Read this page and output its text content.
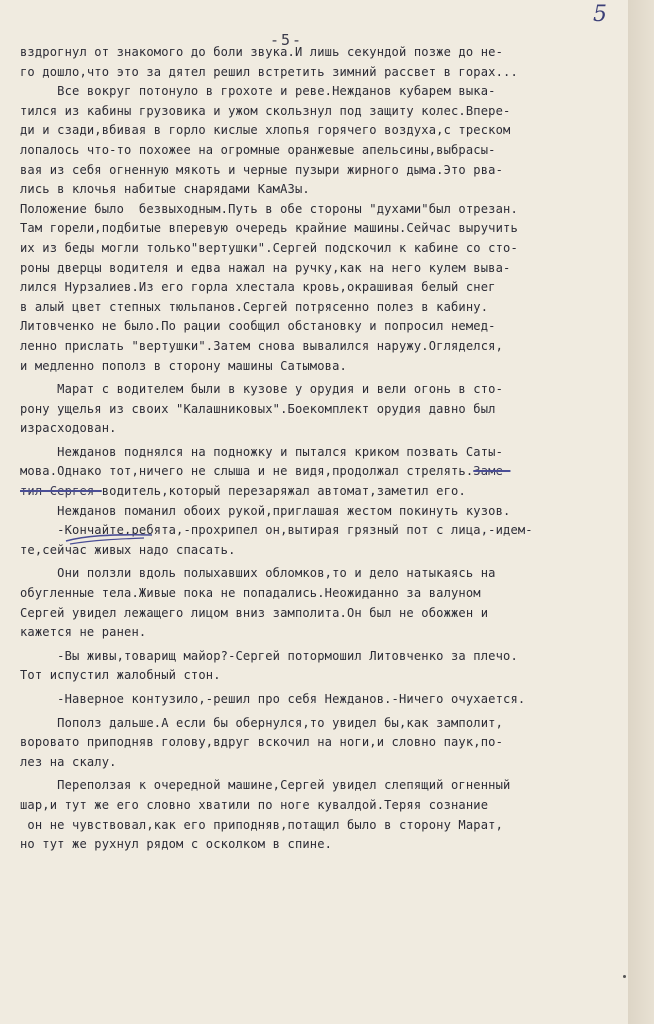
-5-
5
вздрогнул от знакомого до боли звука.И лишь секундой позже до не-
го дошло,что это за дятел решил встретить зимний рассвет в горах...
Все вокруг потонуло в грохоте и реве.Нежданов кубарем выка-
тился из кабины грузовика и ужом скользнул под защиту колес.Впере-
ди и сзади,вбивая в горло кислые хлопья горячего воздуха,с треском
лопалось что-то похожее на огромные оранжевые апельсины,выбрасы-
вая из себя огненную мякоть и черные пузыри жирного дыма.Это рва-
лись в клочья набитые снарядами КамАЗы.
Положение было  безвыходным.Путь в обе стороны "духами"был отрезан.
Там горели,подбитые вперевую очередь крайние машины.Сейчас выручить
их из беды могли только"вертушки".Сергей подскочил к кабине со сто-
роны дверцы водителя и едва нажал на ручку,как на него кулем выва-
лился Нурзалиев.Из его горла хлестала кровь,окрашивая белый снег
в алый цвет степных тюльпанов.Сергей потрясенно полез в кабину.
Литовченко не было.По рации сообщил обстановку и попросил немед-
ленно прислать "вертушки".Затем снова вывалился наружу.Огляделся,
и медленно пополз в сторону машины Сатымова.
Марат с водителем были в кузове у орудия и вели огонь в сто-
рону ущелья из своих "Калашниковых".Боекомплект орудия давно был
израсходован.
Нежданов поднялся на подножку и пытался криком позвать Саты-
мова.Однако тот,ничего не слыша и не видя,продолжал стрелять.Заме-
тил Сергея водитель,который перезаряжал автомат,заметил его.
Нежданов поманил обоих рукой,приглашая жестом покинуть кузов.
-Кончайте,ребята,-прохрипел он,вытирая грязный пот с лица,-идем-
те,сейчас живых надо спасать.
Они ползли вдоль полыхавших обломков,то и дело натыкаясь на
обугленные тела.Живые пока не попадались.Неожиданно за валуном
Сергей увидел лежащего лицом вниз замполита.Он был не обожжен и
кажется не ранен.
-Вы живы,товарищ майор?-Сергей потормошил Литовченко за плечо.
Тот испустил жалобный стон.
-Наверное контузило,-решил про себя Нежданов.-Ничего очухается.
Пополз дальше.А если бы обернулся,то увидел бы,как замполит,
вороватo приподняв голову,вдруг вскочил на ноги,и словно паук,по-
лез на скалу.
Переползая к очередной машине,Сергей увидел слепящий огненный
шар,и тут же его словно хватили по ноге кувалдой.Теряя сознание
он не чувствовал,как его приподняв,потащил было в сторону Марат,
но тут же рухнул рядом с осколком в спине.
